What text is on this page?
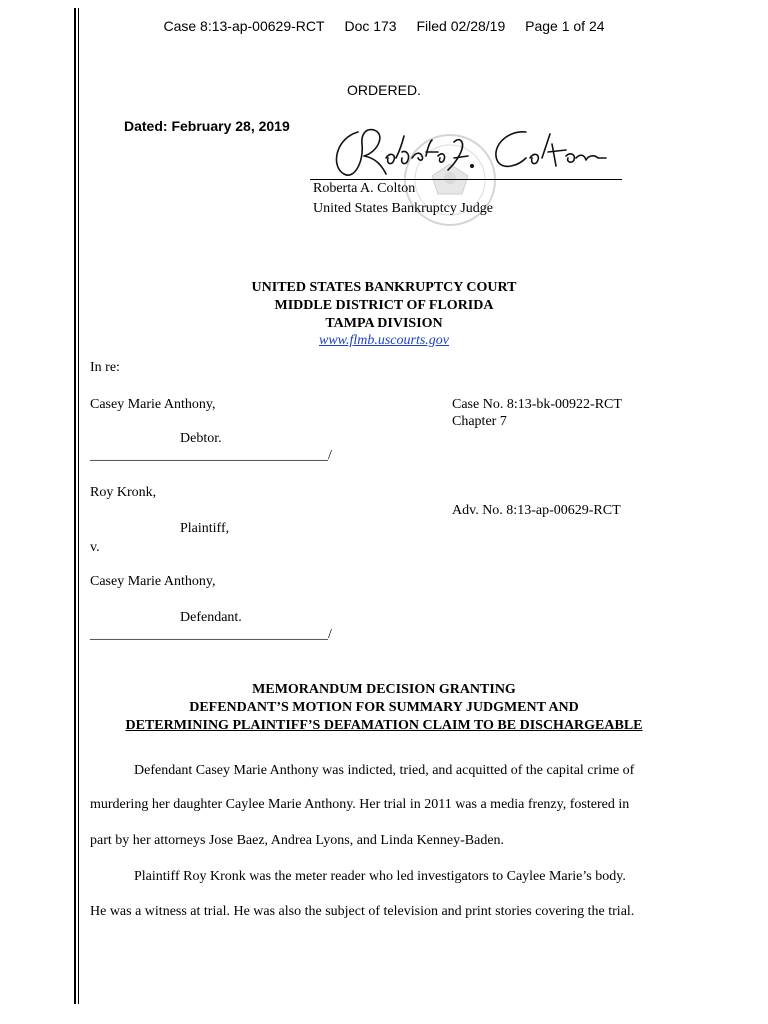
Case 8:13-ap-00629-RCT Doc 173 Filed 02/28/19 Page 1 of 24
ORDERED.
Dated: February 28, 2019
Roberta A. Colton
United States Bankruptcy Judge
UNITED STATES BANKRUPTCY COURT
MIDDLE DISTRICT OF FLORIDA
TAMPA DIVISION
www.flmb.uscourts.gov
In re:
Casey Marie Anthony,	Case No. 8:13-bk-00922-RCT
Chapter 7
Debtor.
__________________________________/
Roy Kronk,
Adv. No. 8:13-ap-00629-RCT
Plaintiff,
v.
Casey Marie Anthony,
Defendant.
__________________________________/
MEMORANDUM DECISION GRANTING
DEFENDANT’S MOTION FOR SUMMARY JUDGMENT AND
DETERMINING PLAINTIFF’S DEFAMATION CLAIM TO BE DISCHARGEABLE
Defendant Casey Marie Anthony was indicted, tried, and acquitted of the capital crime of
murdering her daughter Caylee Marie Anthony. Her trial in 2011 was a media frenzy, fostered in
part by her attorneys Jose Baez, Andrea Lyons, and Linda Kenney-Baden.
Plaintiff Roy Kronk was the meter reader who led investigators to Caylee Marie’s body.
He was a witness at trial. He was also the subject of television and print stories covering the trial.
